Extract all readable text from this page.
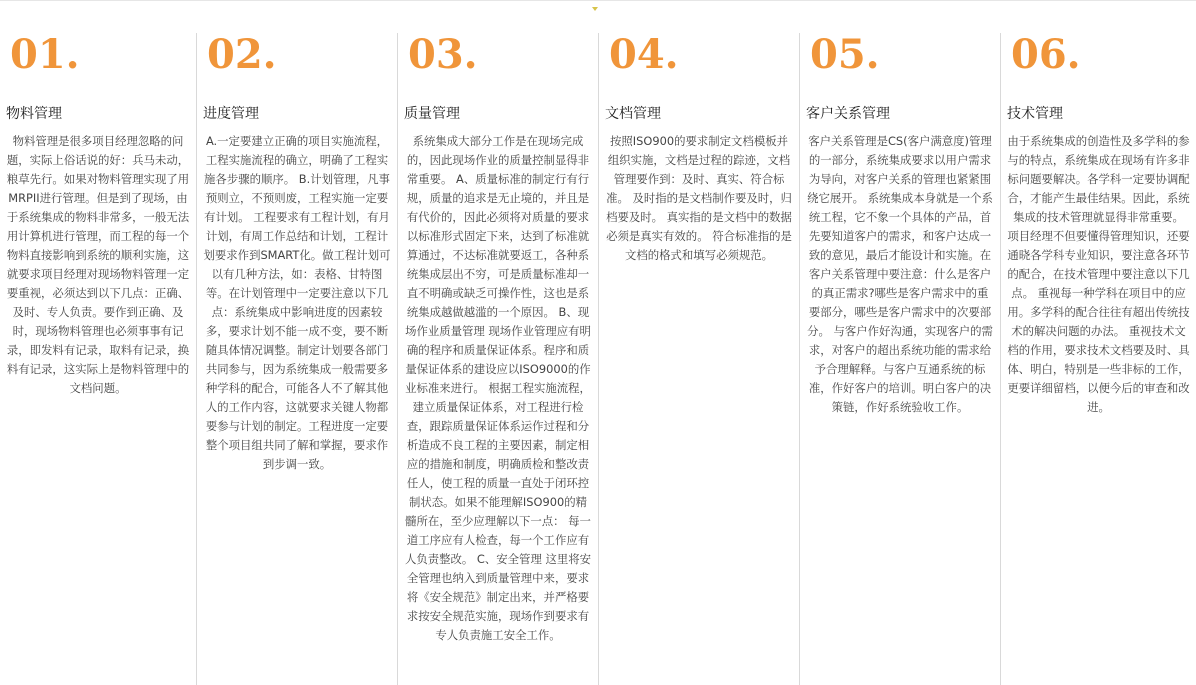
01.
物料管理
物料管理是很多项目经理忽略的问题，实际上俗话说的好：兵马未动，粮草先行。如果对物料管理实现了用MRPII进行管理。但是到了现场，由于系统集成的物料非常多，一般无法用计算机进行管理，而工程的每一个物料直接影响到系统的顺利实施，这就要求项目经理对现场物料管理一定要重视，必须达到以下几点：正确、及时、专人负责。要作到正确、及时，现场物料管理也必须事事有记录，即发料有记录，取料有记录，换料有记录，这实际上是物料管理中的文档问题。
02.
进度管理
A.一定要建立正确的项目实施流程，工程实施流程的确立，明确了工程实施各步骤的顺序。 B.计划管理，凡事预则立，不预则废，工程实施一定要有计划。 工程要求有工程计划，有月计划，有周工作总结和计划，工程计划要求作到SMART化。做工程计划可以有几种方法，如：表格、甘特图等。在计划管理中一定要注意以下几点：系统集成中影响进度的因素较多，要求计划不能一成不变，要不断随具体情况调整。制定计划要各部门共同参与，因为系统集成一般需要多种学科的配合，可能各人不了解其他人的工作内容，这就要求关键人物都要参与计划的制定。工程进度一定要整个项目组共同了解和掌握，要求作到步调一致。
03.
质量管理
系统集成大部分工作是在现场完成的，因此现场作业的质量控制显得非常重要。 A、质量标准的制定行有行规，质量的追求是无止境的，并且是有代价的，因此必须将对质量的要求以标准形式固定下来，达到了标准就算通过，不达标准就要返工，各种系统集成层出不穷，可是质量标准却一直不明确或缺乏可操作性，这也是系统集成越做越滥的一个原因。 B、现场作业质量管理 现场作业管理应有明确的程序和质量保证体系。程序和质量保证体系的建设应以ISO9000的作业标准来进行。 根据工程实施流程，建立质量保证体系，对工程进行检查，跟踪质量保证体系运作过程和分析造成不良工程的主要因素，制定相应的措施和制度，明确质检和整改责任人，使工程的质量一直处于闭环控制状态。如果不能理解ISO900的精髓所在，至少应理解以下一点： 每一道工序应有人检查，每一个工作应有人负责整改。 C、安全管理 这里将安全管理也纳入到质量管理中来，要求将《安全规范》制定出来，并严格要求按安全规范实施，现场作到要求有专人负责施工安全工作。
04.
文档管理
按照ISO900的要求制定文档模板并组织实施，文档是过程的踪迹，文档管理要作到：及时、真实、符合标准。 及时指的是文档制作要及时，归档要及时。 真实指的是文档中的数据必须是真实有效的。 符合标准指的是文档的格式和填写必须规范。
05.
客户关系管理
客户关系管理是CS(客户满意度)管理的一部分，系统集成要求以用户需求为导向，对客户关系的管理也紧紧围绕它展开。 系统集成本身就是一个系统工程，它不象一个具体的产品，首先要知道客户的需求，和客户达成一致的意见，最后才能设计和实施。在客户关系管理中要注意：什么是客户的真正需求?哪些是客户需求中的重要部分，哪些是客户需求中的次要部分。 与客户作好沟通，实现客户的需求，对客户的超出系统功能的需求给予合理解释。与客户互通系统的标准，作好客户的培训。明白客户的决策链，作好系统验收工作。
06.
技术管理
由于系统集成的创造性及多学科的参与的特点，系统集成在现场有许多非标问题要解决。各学科一定要协调配合，才能产生最佳结果。因此，系统集成的技术管理就显得非常重要。 项目经理不但要懂得管理知识，还要通晓各学科专业知识，要注意各环节的配合，在技术管理中要注意以下几点。 重视每一种学科在项目中的应用。多学科的配合往往有超出传统技术的解决问题的办法。 重视技术文档的作用，要求技术文档要及时、具体、明白，特别是一些非标的工作，更要详细留档，以便今后的审查和改进。
